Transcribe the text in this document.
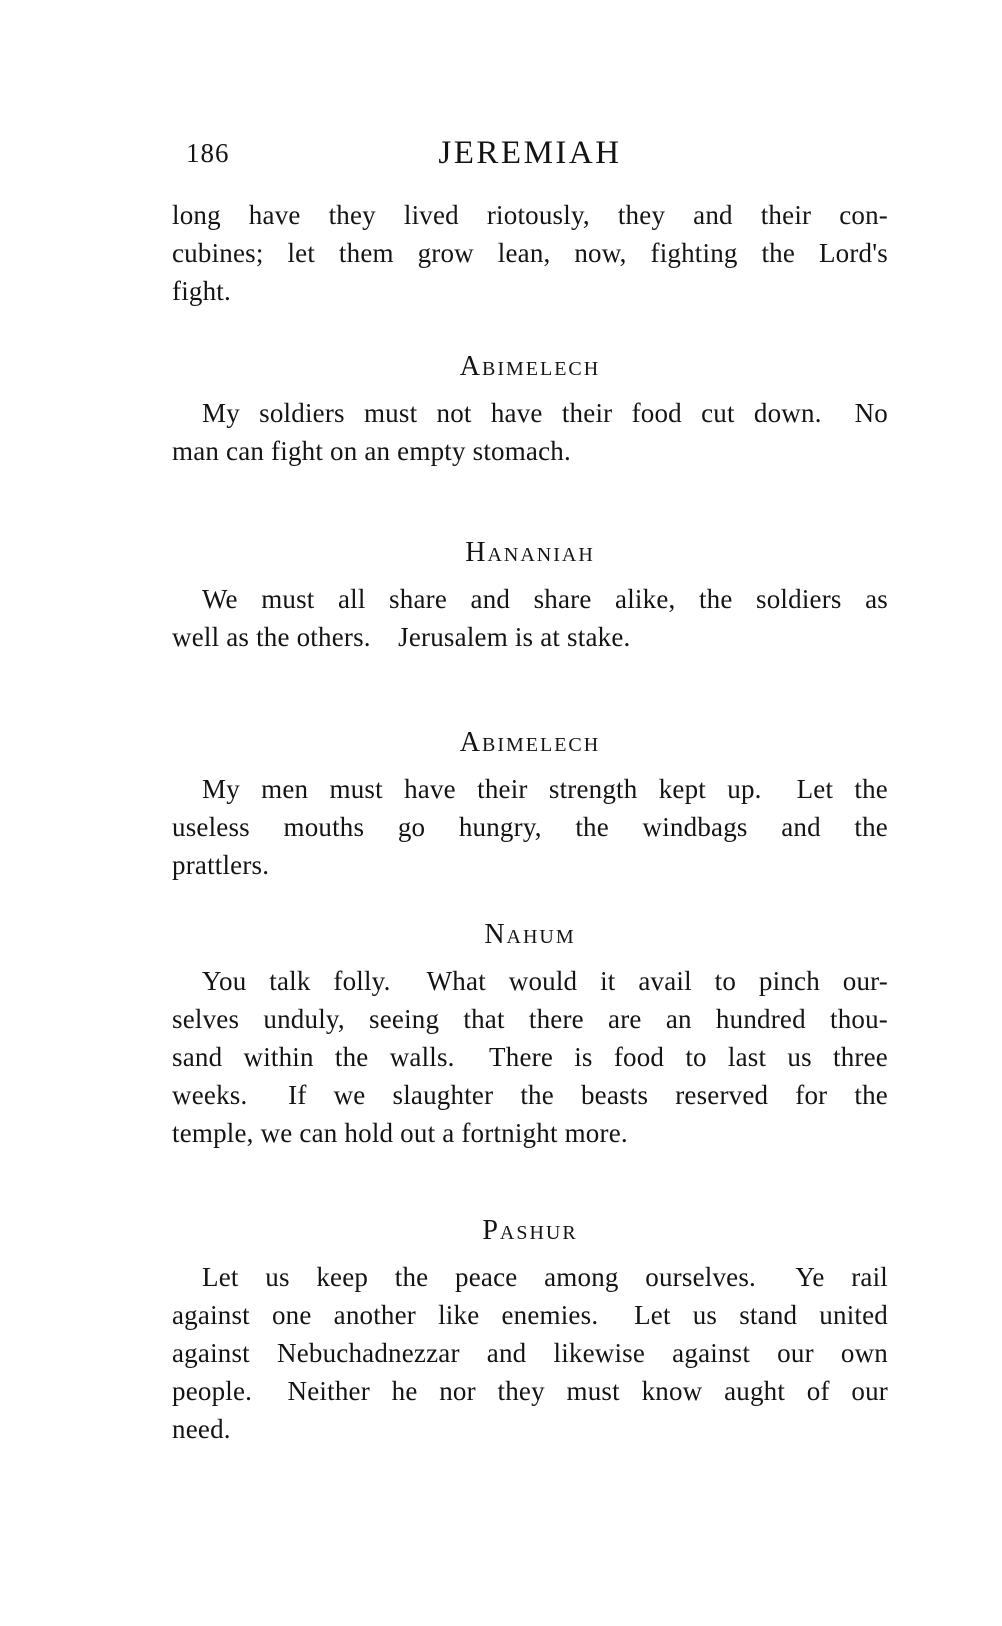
186	JEREMIAH
long have they lived riotously, they and their con-
cubines; let them grow lean, now, fighting the Lord's
fight.
Abimelech
My soldiers must not have their food cut down.  No
man can fight on an empty stomach.
Hananiah
We must all share and share alike, the soldiers as
well as the others.  Jerusalem is at stake.
Abimelech
My men must have their strength kept up.  Let the
useless mouths go hungry, the windbags and the
prattlers.
Nahum
You talk folly.  What would it avail to pinch our-
selves unduly, seeing that there are an hundred thou-
sand within the walls.  There is food to last us three
weeks.  If we slaughter the beasts reserved for the
temple, we can hold out a fortnight more.
Pashur
Let us keep the peace among ourselves.  Ye rail
against one another like enemies.  Let us stand united
against Nebuchadnezzar and likewise against our own
people.  Neither he nor they must know aught of our
need.
